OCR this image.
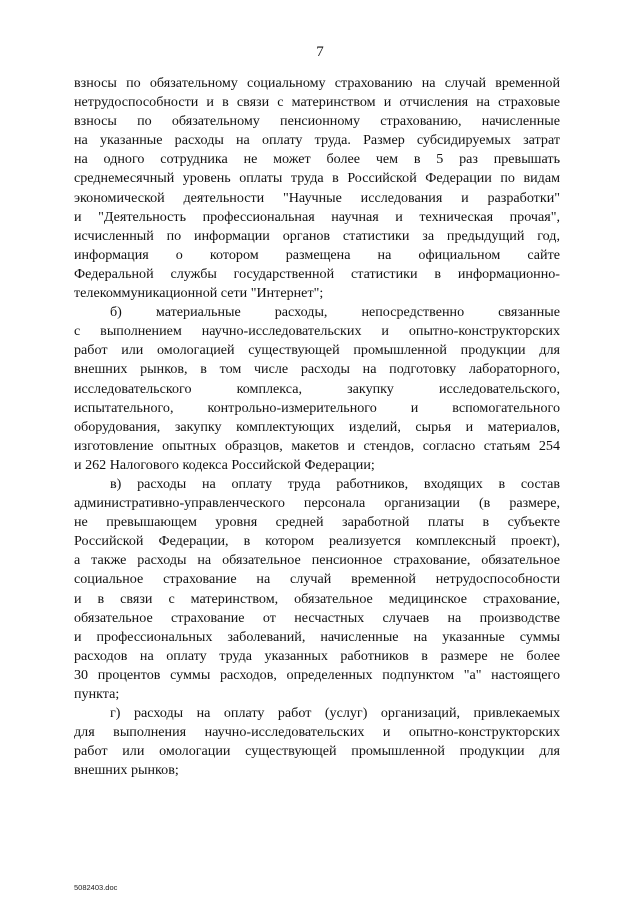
7
взносы по обязательному социальному страхованию на случай временной
нетрудоспособности и в связи с материнством и отчисления на страховые
взносы по обязательному пенсионному страхованию, начисленные
на указанные расходы на оплату труда. Размер субсидируемых затрат
на одного сотрудника не может более чем в 5 раз превышать
среднемесячный уровень оплаты труда в Российской Федерации по видам
экономической деятельности "Научные исследования и разработки"
и "Деятельность профессиональная научная и техническая прочая",
исчисленный по информации органов статистики за предыдущий год,
информация о котором размещена на официальном сайте
Федеральной службы государственной статистики в информационно-
телекоммуникационной сети "Интернет";
б) материальные расходы, непосредственно связанные
с выполнением научно-исследовательских и опытно-конструкторских
работ или омологацией существующей промышленной продукции для
внешних рынков, в том числе расходы на подготовку лабораторного,
исследовательского комплекса, закупку исследовательского,
испытательного, контрольно-измерительного и вспомогательного
оборудования, закупку комплектующих изделий, сырья и материалов,
изготовление опытных образцов, макетов и стендов, согласно статьям 254
и 262 Налогового кодекса Российской Федерации;
в) расходы на оплату труда работников, входящих в состав
административно-управленческого персонала организации (в размере,
не превышающем уровня средней заработной платы в субъекте
Российской Федерации, в котором реализуется комплексный проект),
а также расходы на обязательное пенсионное страхование, обязательное
социальное страхование на случай временной нетрудоспособности
и в связи с материнством, обязательное медицинское страхование,
обязательное страхование от несчастных случаев на производстве
и профессиональных заболеваний, начисленные на указанные суммы
расходов на оплату труда указанных работников в размере не более
30 процентов суммы расходов, определенных подпунктом "а" настоящего
пункта;
г) расходы на оплату работ (услуг) организаций, привлекаемых
для выполнения научно-исследовательских и опытно-конструкторских
работ или омологации существующей промышленной продукции для
внешних рынков;
5082403.doc
